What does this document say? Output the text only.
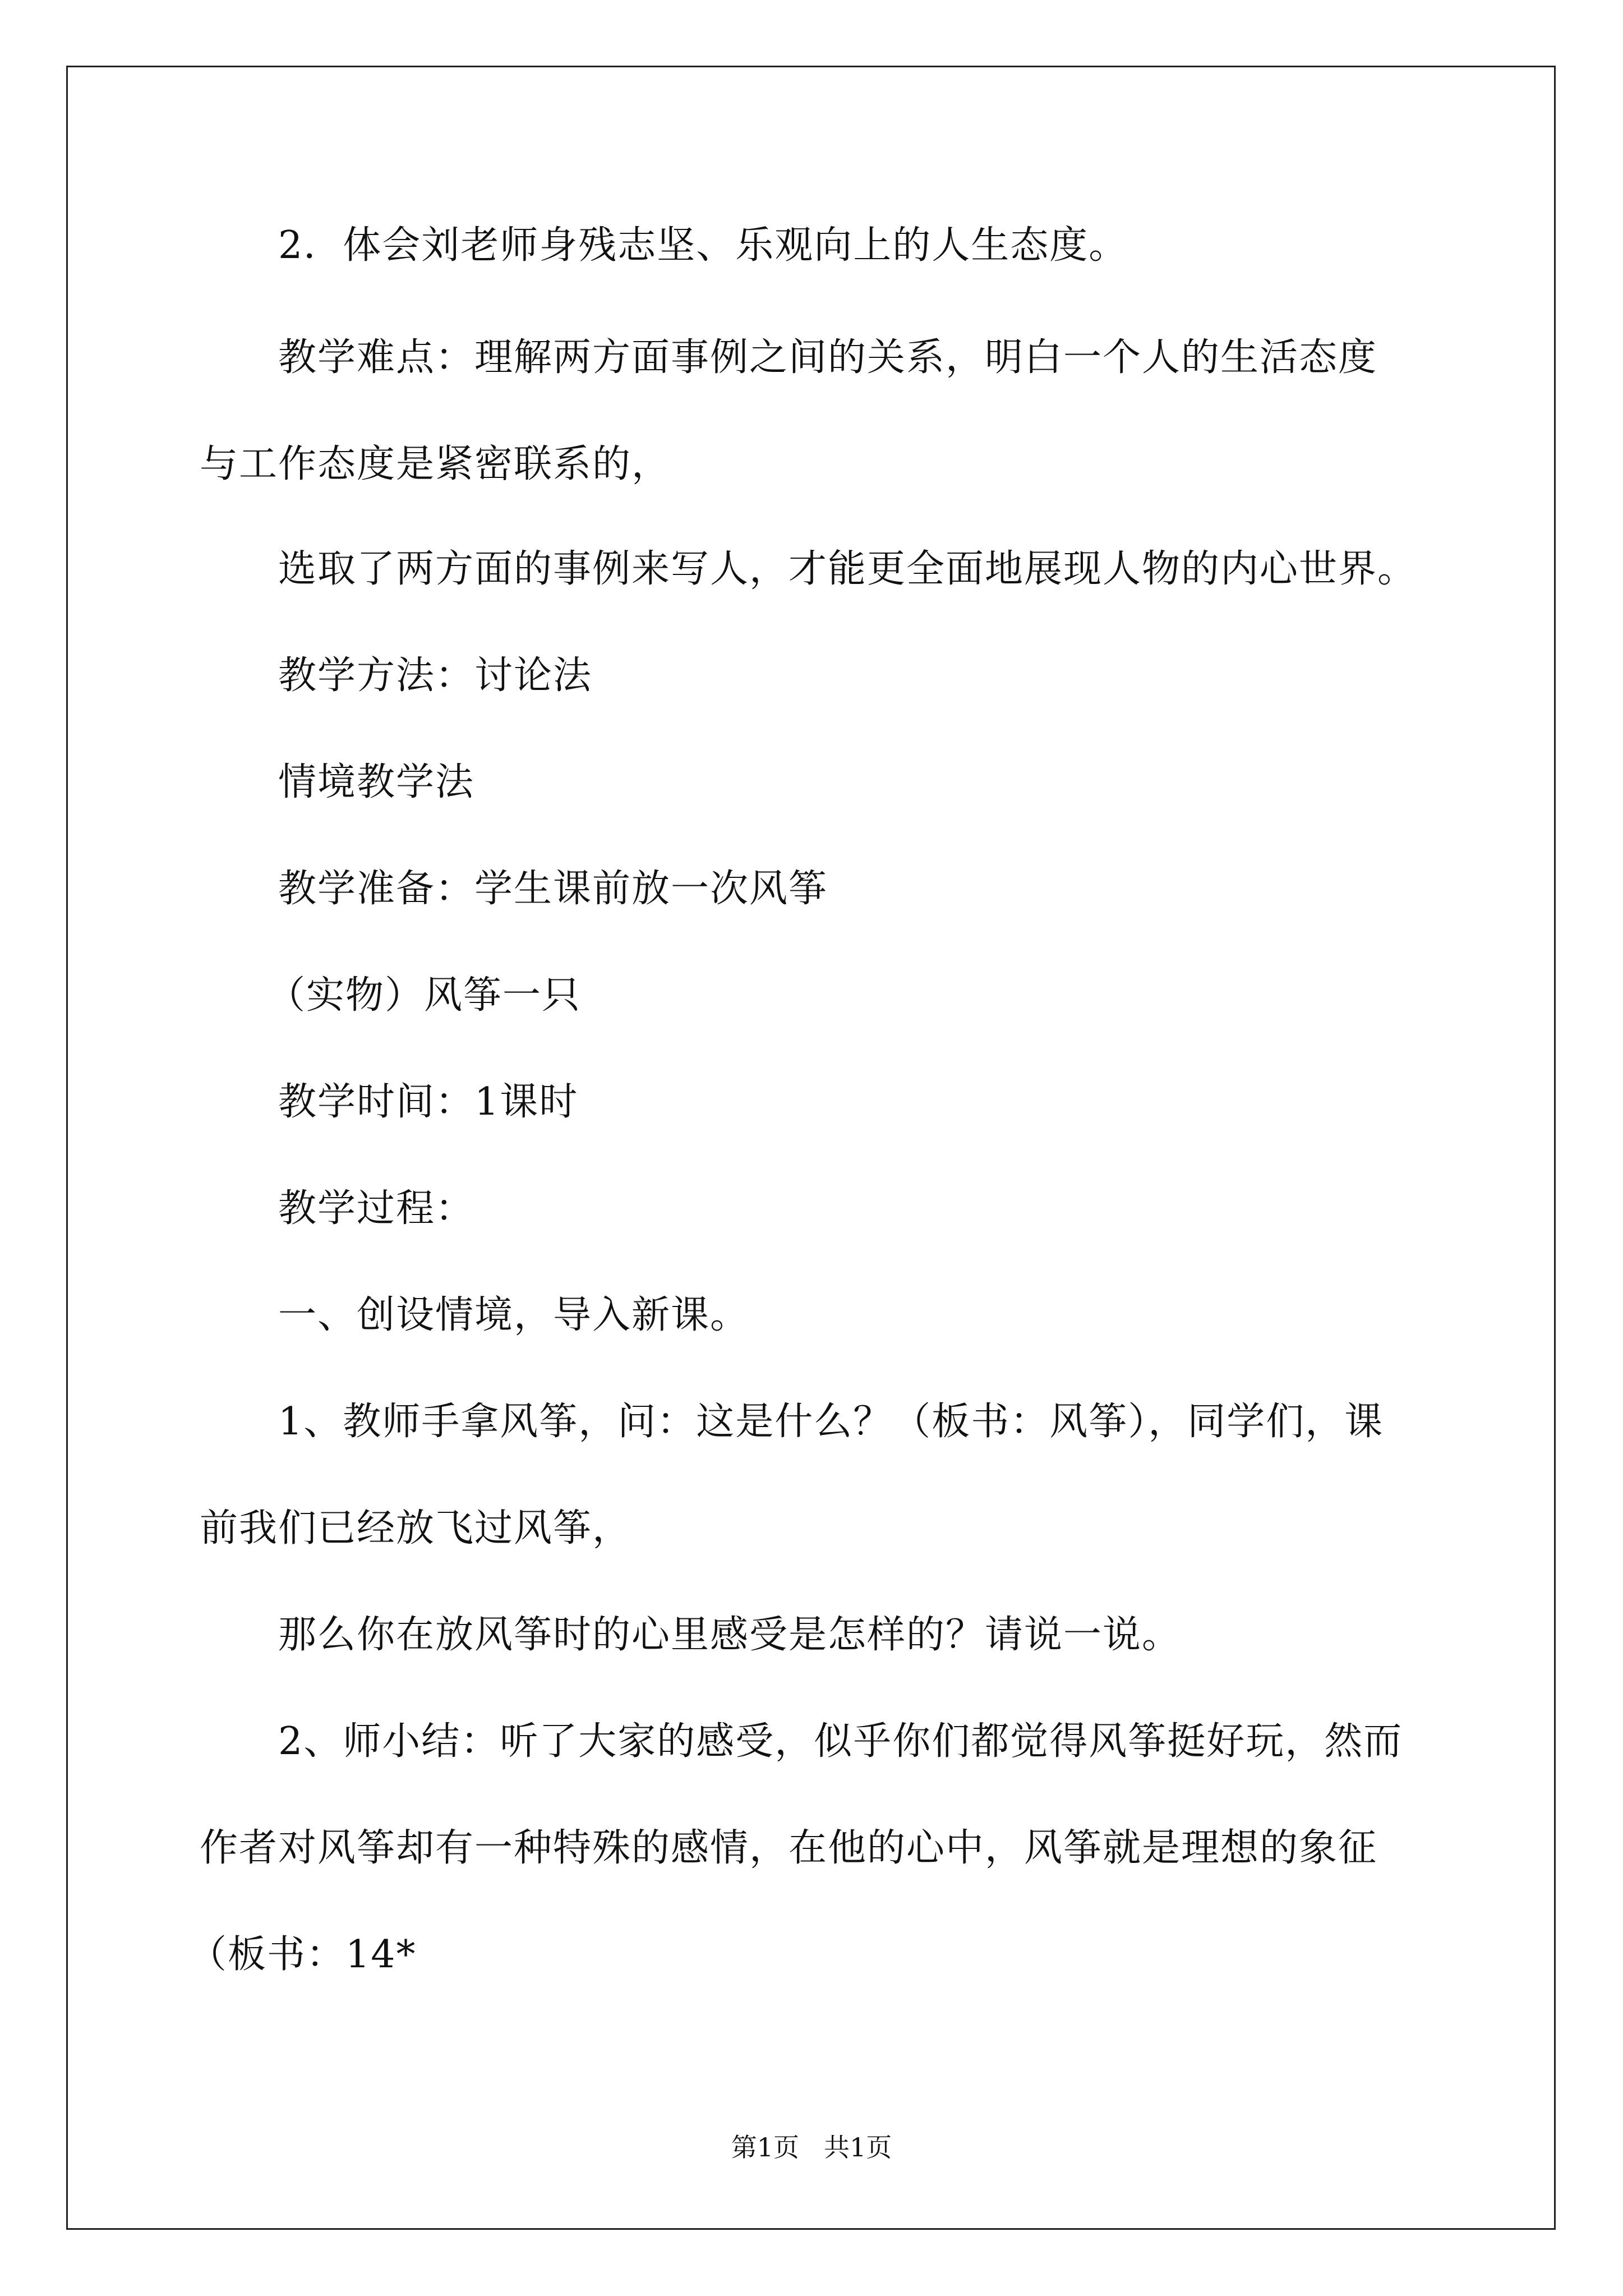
2．体会刘老师身残志坚、乐观向上的人生态度。
教学难点：理解两方面事例之间的关系，明白一个人的生活态度
与工作态度是紧密联系的，
选取了两方面的事例来写人，才能更全面地展现人物的内心世界。
教学方法：讨论法
情境教学法
教学准备：学生课前放一次风筝
（实物）风筝一只
教学时间：1课时
教学过程：
一、创设情境，导入新课。
1、教师手拿风筝，问：这是什么？（板书：风筝），同学们，课
前我们已经放飞过风筝，
那么你在放风筝时的心里感受是怎样的？请说一说。
2、师小结：听了大家的感受，似乎你们都觉得风筝挺好玩，然而
作者对风筝却有一种特殊的感情，在他的心中，风筝就是理想的象征
（板书：14*
第1页 共1页
